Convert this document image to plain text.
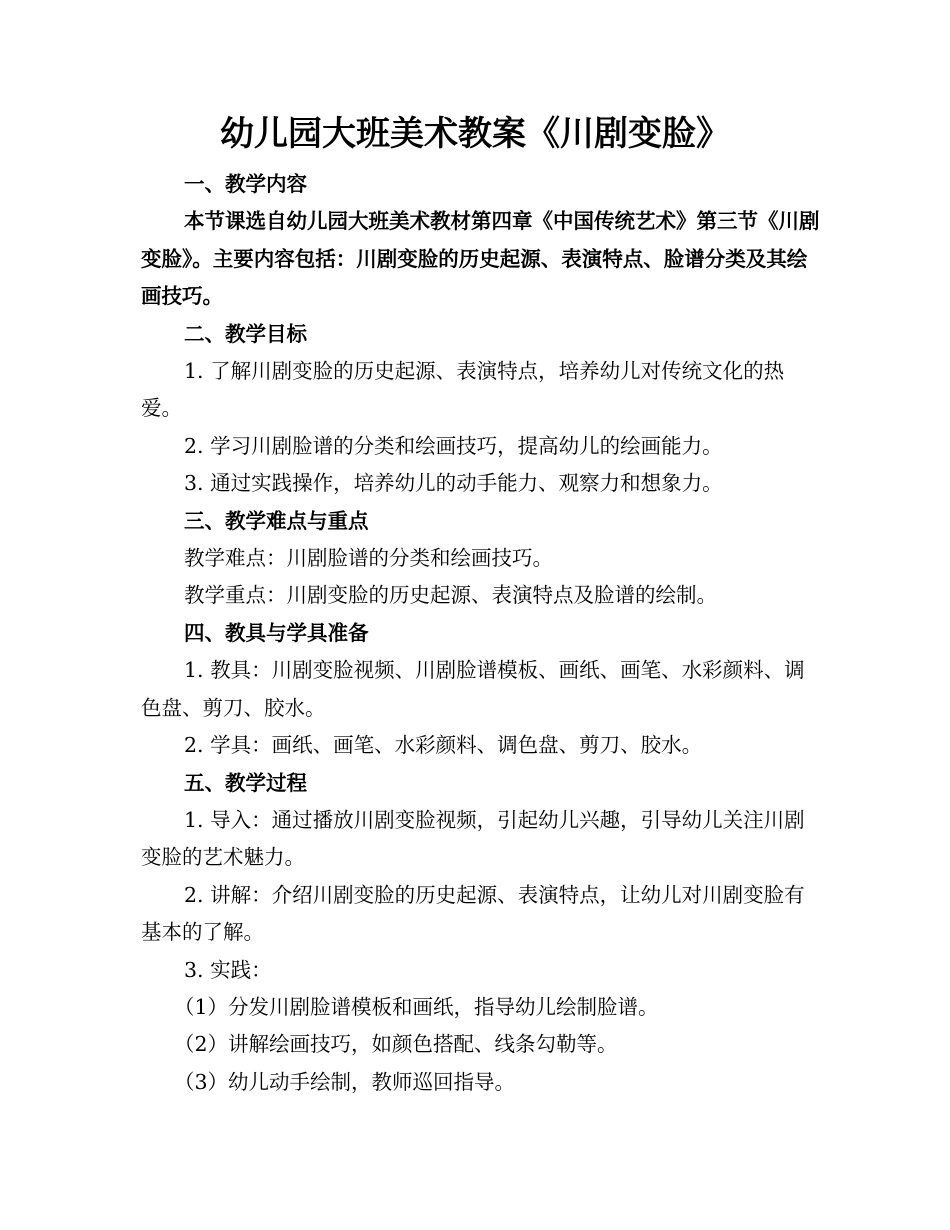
幼儿园大班美术教案《川剧变脸》

一、教学内容

本节课选自幼儿园大班美术教材第四章《中国传统艺术》第三节《川剧变脸》。主要内容包括：川剧变脸的历史起源、表演特点、脸谱分类及其绘画技巧。

二、教学目标

1. 了解川剧变脸的历史起源、表演特点，培养幼儿对传统文化的热爱。

2. 学习川剧脸谱的分类和绘画技巧，提高幼儿的绘画能力。

3. 通过实践操作，培养幼儿的动手能力、观察力和想象力。

三、教学难点与重点

教学难点：川剧脸谱的分类和绘画技巧。

教学重点：川剧变脸的历史起源、表演特点及脸谱的绘制。

四、教具与学具准备

1. 教具：川剧变脸视频、川剧脸谱模板、画纸、画笔、水彩颜料、调色盘、剪刀、胶水。

2. 学具：画纸、画笔、水彩颜料、调色盘、剪刀、胶水。

五、教学过程

1. 导入：通过播放川剧变脸视频，引起幼儿兴趣，引导幼儿关注川剧变脸的艺术魅力。

2. 讲解：介绍川剧变脸的历史起源、表演特点，让幼儿对川剧变脸有基本的了解。

3. 实践：

（1）分发川剧脸谱模板和画纸，指导幼儿绘制脸谱。

（2）讲解绘画技巧，如颜色搭配、线条勾勒等。

（3）幼儿动手绘制，教师巡回指导。
